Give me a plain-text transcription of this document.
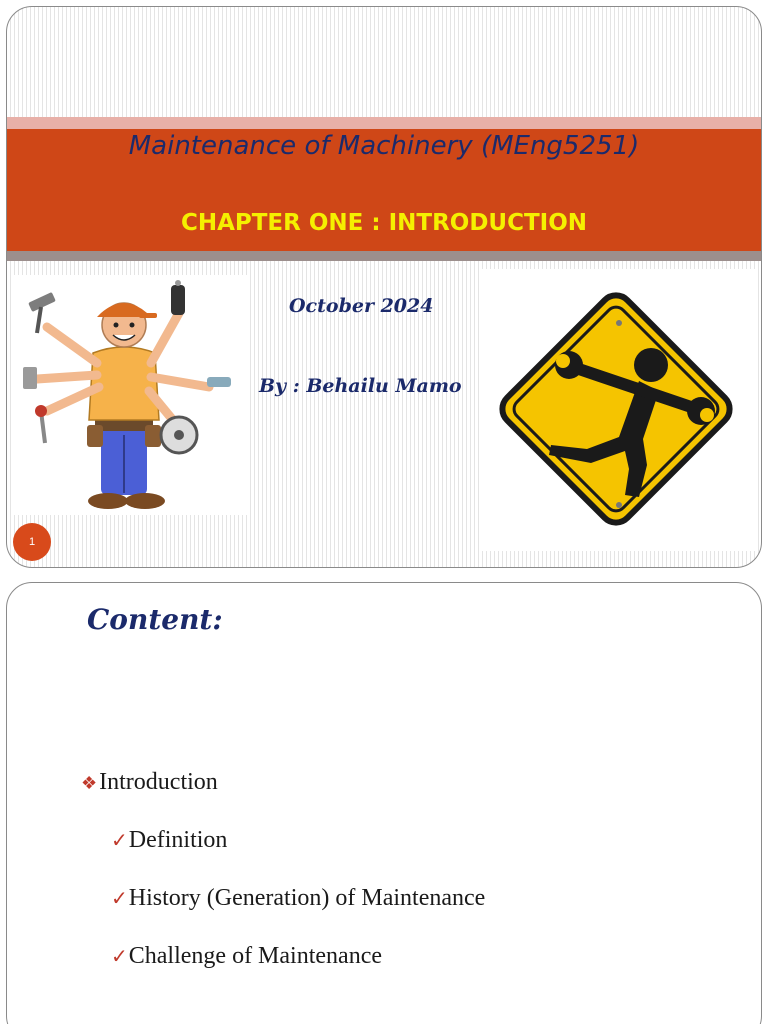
Maintenance of Machinery (MEng5251)
CHAPTER ONE : INTRODUCTION
October 2024
By : Behailu Mamo
1
Content:
❖Introduction
✓Definition
✓History (Generation) of Maintenance
✓Challenge of Maintenance
